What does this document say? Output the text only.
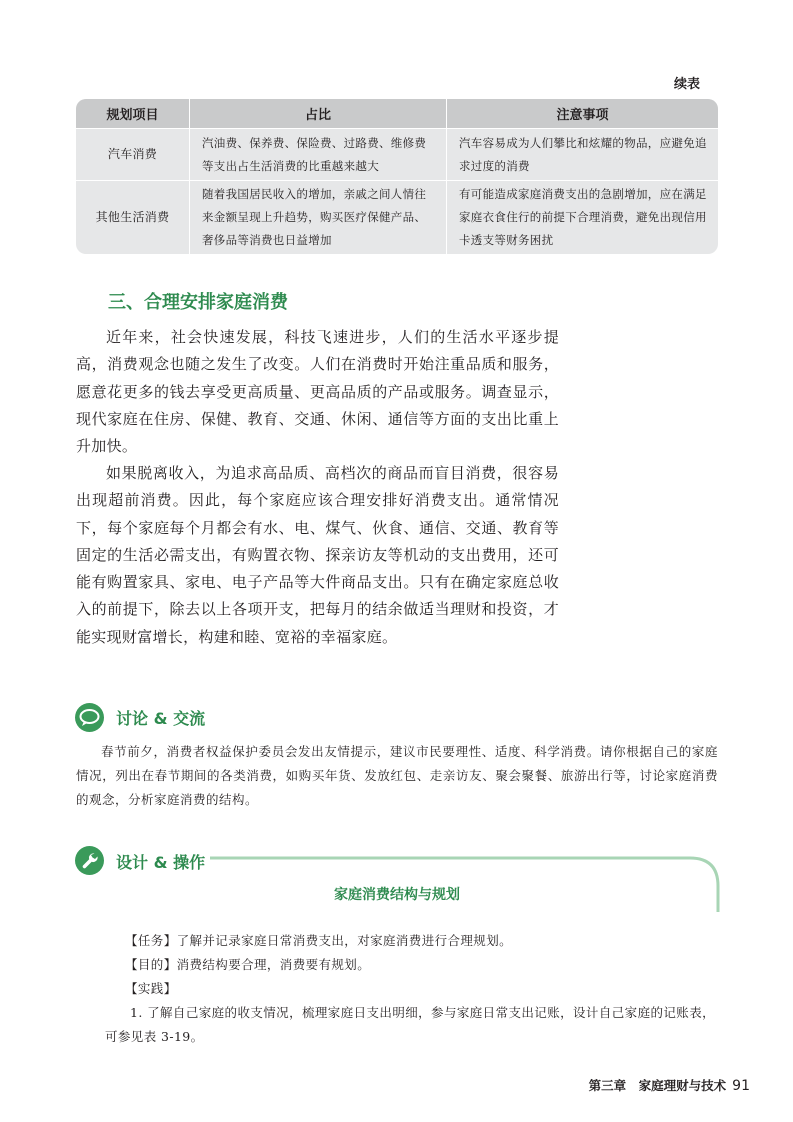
续表
规划项目	占比	注意事项
汽车消费
汽油费、保养费、保险费、过路费、维修费等支出占生活消费的比重越来越大
汽车容易成为人们攀比和炫耀的物品，应避免追求过度的消费
其他生活消费
随着我国居民收入的增加，亲戚之间人情往来金额呈现上升趋势，购买医疗保健产品、奢侈品等消费也日益增加
有可能造成家庭消费支出的急剧增加，应在满足家庭衣食住行的前提下合理消费，避免出现信用卡透支等财务困扰
三、合理安排家庭消费

近年来，社会快速发展，科技飞速进步，人们的生活水平逐步提高，消费观念也随之发生了改变。人们在消费时开始注重品质和服务，愿意花更多的钱去享受更高质量、更高品质的产品或服务。调查显示，现代家庭在住房、保健、教育、交通、休闲、通信等方面的支出比重上升加快。

如果脱离收入，为追求高品质、高档次的商品而盲目消费，很容易出现超前消费。因此，每个家庭应该合理安排好消费支出。通常情况下，每个家庭每个月都会有水、电、煤气、伙食、通信、交通、教育等固定的生活必需支出，有购置衣物、探亲访友等机动的支出费用，还可能有购置家具、家电、电子产品等大件商品支出。只有在确定家庭总收入的前提下，除去以上各项开支，把每月的结余做适当理财和投资，才能实现财富增长，构建和睦、宽裕的幸福家庭。

讨论 & 交流

春节前夕，消费者权益保护委员会发出友情提示，建议市民要理性、适度、科学消费。请你根据自己的家庭情况，列出在春节期间的各类消费，如购买年货、发放红包、走亲访友、聚会聚餐、旅游出行等，讨论家庭消费的观念，分析家庭消费的结构。

设计 & 操作
家庭消费结构与规划

【任务】了解并记录家庭日常消费支出，对家庭消费进行合理规划。

【目的】消费结构要合理，消费要有规划。

【实践】

1. 了解自己家庭的收支情况，梳理家庭日支出明细，参与家庭日常支出记账，设计自己家庭的记账表，可参见表 3-19。

第三章　家庭理财与技术 91
